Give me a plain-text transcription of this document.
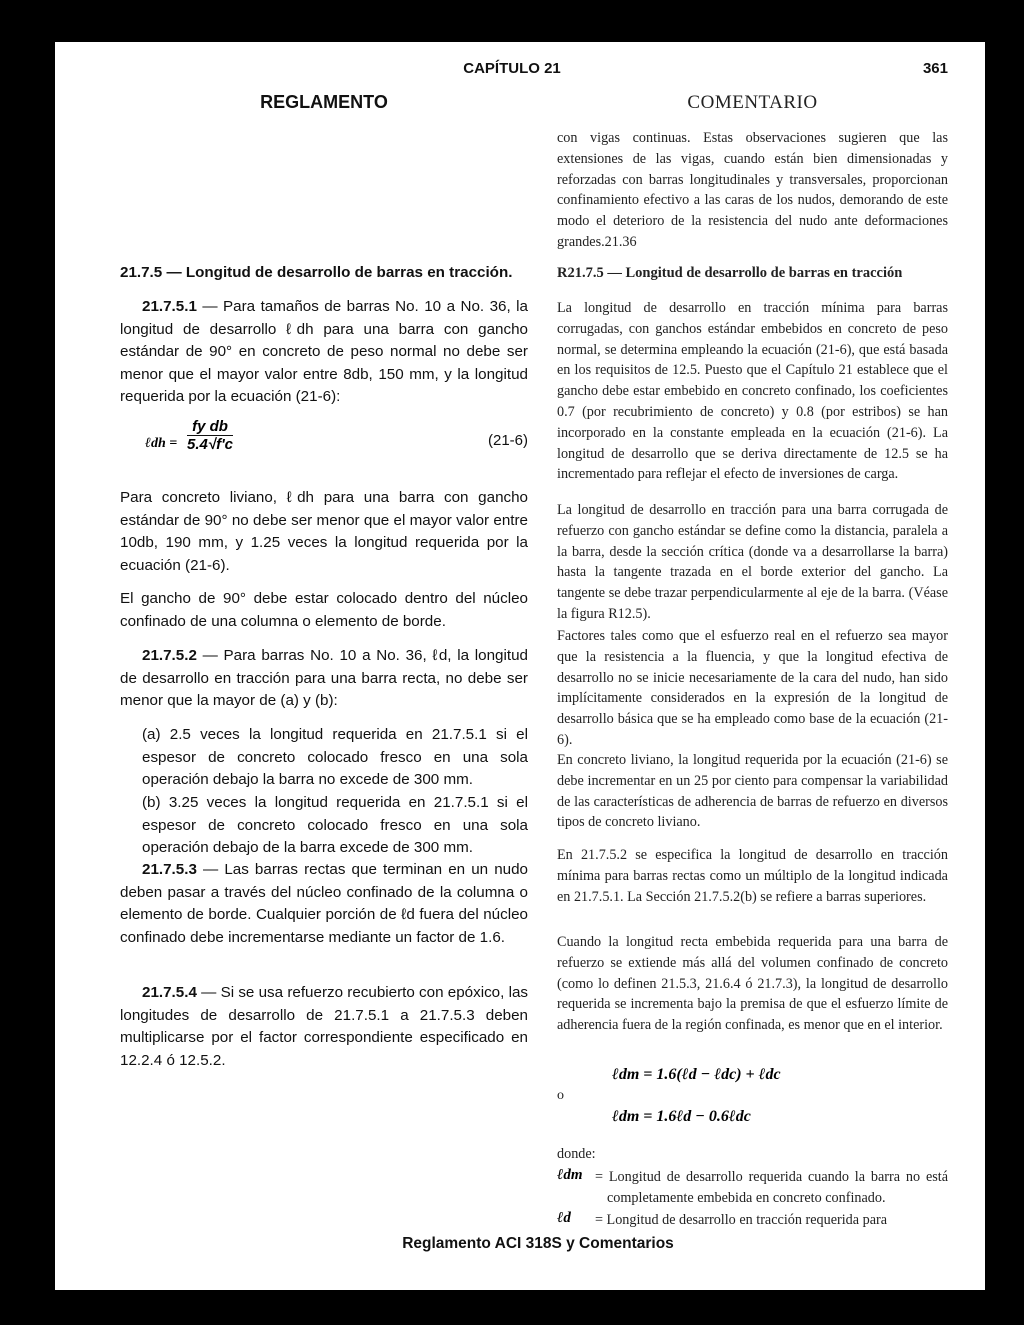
CAPÍTULO 21	361
REGLAMENTO	COMENTARIO
21.7.5 — Longitud de desarrollo de barras en tracción.
21.7.5.1 — Para tamaños de barras No. 10 a No. 36, la longitud de desarrollo ℓdh para una barra con gancho estándar de 90° en concreto de peso normal no debe ser menor que el mayor valor entre 8db, 150 mm, y la longitud requerida por la ecuación (21-6):
ℓdh = $\frac{\text{fy db}}{5.4√f'c}$	(21-6)
Para concreto liviano, ℓdh para una barra con gancho estándar de 90° no debe ser menor que el mayor valor entre 10db, 190 mm, y 1.25 veces la longitud requerida por la ecuación (21-6).
El gancho de 90° debe estar colocado dentro del núcleo confinado de una columna o elemento de borde.
21.7.5.2 — Para barras No. 10 a No. 36, ℓd, la longitud de desarrollo en tracción para una barra recta, no debe ser menor que la mayor de (a) y (b):
(a) 2.5 veces la longitud requerida en 21.7.5.1 si el espesor de concreto colocado fresco en una sola operación debajo la barra no excede de 300 mm.
(b) 3.25 veces la longitud requerida en 21.7.5.1 si el espesor de concreto colocado fresco en una sola operación debajo de la barra excede de 300 mm.
21.7.5.3 — Las barras rectas que terminan en un nudo deben pasar a través del núcleo confinado de la columna o elemento de borde. Cualquier porción de ℓd fuera del núcleo confinado debe incrementarse mediante un factor de 1.6.
21.7.5.4 — Si se usa refuerzo recubierto con epóxico, las longitudes de desarrollo de 21.7.5.1 a 21.7.5.3 deben multiplicarse por el factor correspondiente especificado en 12.2.4 ó 12.5.2.
con vigas continuas. Estas observaciones sugieren que las extensiones de las vigas, cuando están bien dimensionadas y reforzadas con barras longitudinales y transversales, proporcionan confinamiento efectivo a las caras de los nudos, demorando de este modo el deterioro de la resistencia del nudo ante deformaciones grandes.21.36
R21.7.5 — Longitud de desarrollo de barras en tracción
La longitud de desarrollo en tracción mínima para barras corrugadas, con ganchos estándar embebidos en concreto de peso normal, se determina empleando la ecuación (21-6), que está basada en los requisitos de 12.5. Puesto que el Capítulo 21 establece que el gancho debe estar embebido en concreto confinado, los coeficientes 0.7 (por recubrimiento de concreto) y 0.8 (por estribos) se han incorporado en la constante empleada en la ecuación (21-6). La longitud de desarrollo que se deriva directamente de 12.5 se ha incrementado para reflejar el efecto de inversiones de carga.
La longitud de desarrollo en tracción para una barra corrugada de refuerzo con gancho estándar se define como la distancia, paralela a la barra, desde la sección crítica (donde va a desarrollarse la barra) hasta la tangente trazada en el borde exterior del gancho. La tangente se debe trazar perpendicularmente al eje de la barra. (Véase la figura R12.5).
Factores tales como que el esfuerzo real en el refuerzo sea mayor que la resistencia a la fluencia, y que la longitud efectiva de desarrollo no se inicie necesariamente de la cara del nudo, han sido implícitamente considerados en la expresión de la longitud de desarrollo básica que se ha empleado como base de la ecuación (21-6).
En concreto liviano, la longitud requerida por la ecuación (21-6) se debe incrementar en un 25 por ciento para compensar la variabilidad de las características de adherencia de barras de refuerzo en diversos tipos de concreto liviano.
En 21.7.5.2 se especifica la longitud de desarrollo en tracción mínima para barras rectas como un múltiplo de la longitud indicada en 21.7.5.1. La Sección 21.7.5.2(b) se refiere a barras superiores.
Cuando la longitud recta embebida requerida para una barra de refuerzo se extiende más allá del volumen confinado de concreto (como lo definen 21.5.3, 21.6.4 ó 21.7.3), la longitud de desarrollo requerida se incrementa bajo la premisa de que el esfuerzo límite de adherencia fuera de la región confinada, es menor que en el interior.
ℓdm = 1.6(ℓd − ℓdc) + ℓdc
o
ℓdm = 1.6ℓd − 0.6ℓdc
donde:
ℓdm = Longitud de desarrollo requerida cuando la barra no está completamente embebida en concreto confinado.
ℓd = Longitud de desarrollo en tracción requerida para
Reglamento ACI 318S y Comentarios
